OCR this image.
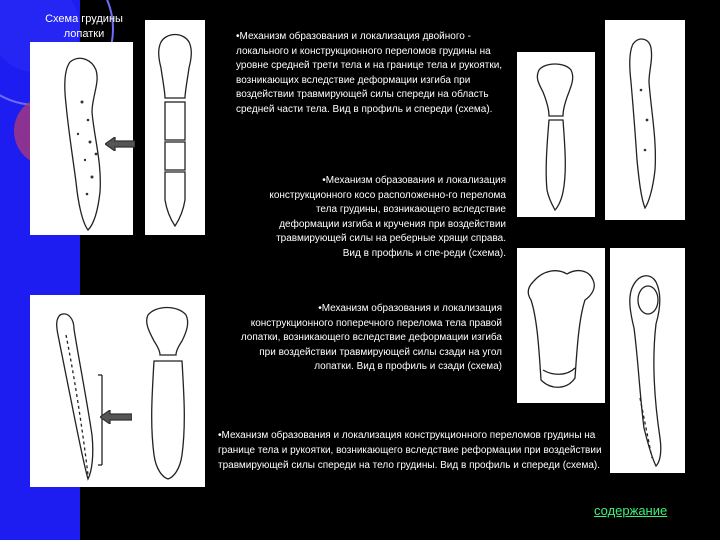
Схема грудины лопатки	•Механизм образования и локализация двойного - локального и конструкционного переломов грудины на уровне средней трети тела и на границе тела и рукоятки, возникающих вследствие деформации изгиба при воздействии травмирующей силы спереди на область средней части тела. Вид в профиль и спереди (схема).
•Механизм образования и локализация конструкционного косо расположенно-го перелома тела грудины, возникающего вследствие деформации изгиба и кручения при воздействии травмирующей силы на реберные хрящи справа. Вид в профиль и спе-реди (схема).
•Механизм образования и локализация конструкционного поперечного перелома тела правой лопатки, возникающего вследствие деформации изгиба при воздействии травмирующей силы сзади на угол лопатки. Вид в профиль и сзади (схема)
•Механизм образования и локализация конструкционного переломов грудины на границе тела и рукоятки, возникающего вследствие реформации при воздействии травмирующей силы спереди на тело грудины. Вид в профиль и спереди (схема).
содержание
